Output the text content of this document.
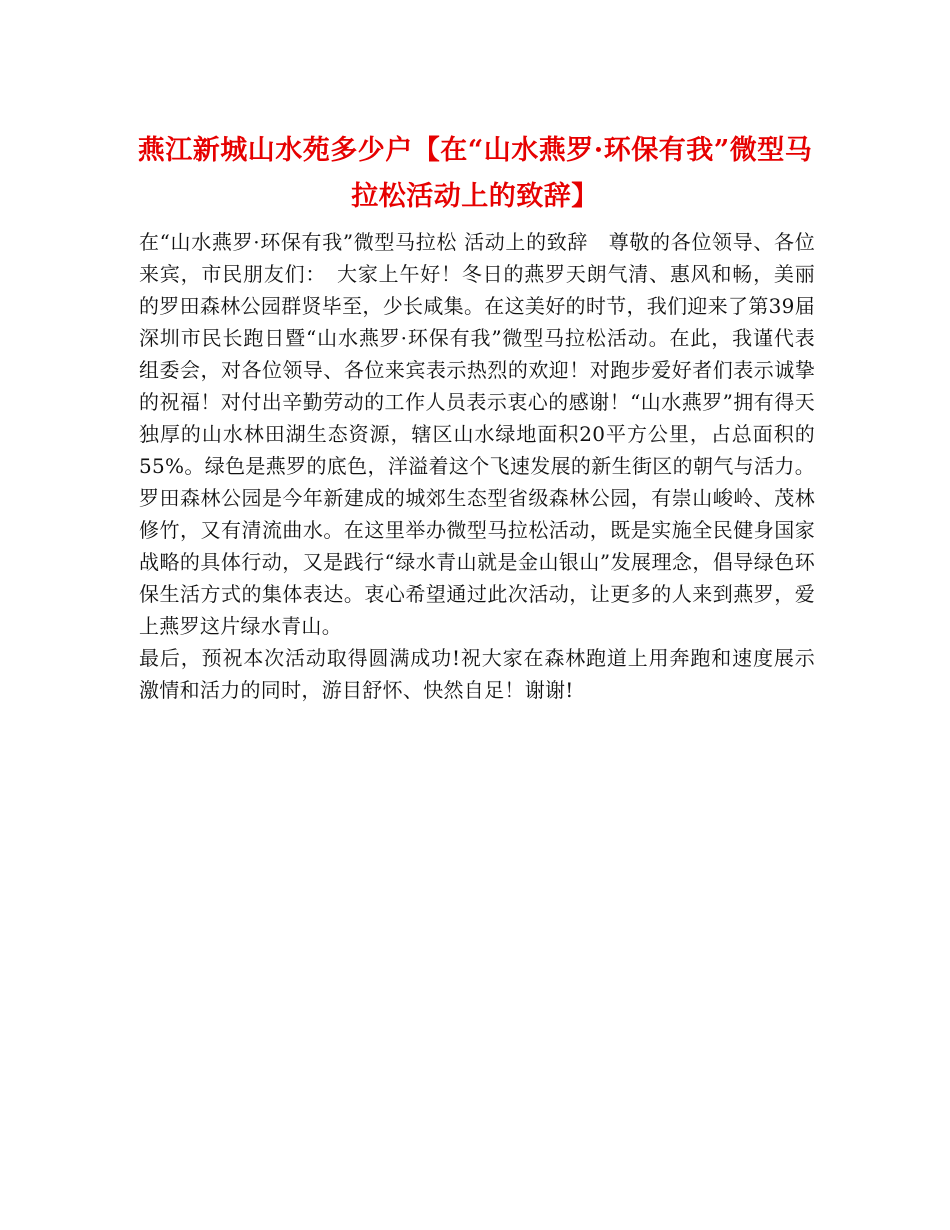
燕江新城山水苑多少户【在“山水燕罗·环保有我”微型马拉松活动上的致辞】

在“山水燕罗·环保有我”微型马拉松 活动上的致辞　尊敬的各位领导、各位来宾，市民朋友们：　大家上午好！冬日的燕罗天朗气清、惠风和畅，美丽的罗田森林公园群贤毕至，少长咸集。在这美好的时节，我们迎来了第39届深圳市民长跑日暨“山水燕罗·环保有我”微型马拉松活动。在此，我谨代表组委会，对各位领导、各位来宾表示热烈的欢迎！对跑步爱好者们表示诚挚的祝福！对付出辛勤劳动的工作人员表示衷心的感谢！“山水燕罗”拥有得天独厚的山水林田湖生态资源，辖区山水绿地面积20平方公里，占总面积的55%。绿色是燕罗的底色，洋溢着这个飞速发展的新生街区的朝气与活力。罗田森林公园是今年新建成的城郊生态型省级森林公园，有崇山峻岭、茂林修竹，又有清流曲水。在这里举办微型马拉松活动，既是实施全民健身国家战略的具体行动，又是践行“绿水青山就是金山银山”发展理念，倡导绿色环保生活方式的集体表达。衷心希望通过此次活动，让更多的人来到燕罗，爱上燕罗这片绿水青山。

最后，预祝本次活动取得圆满成功!祝大家在森林跑道上用奔跑和速度展示激情和活力的同时，游目舒怀、快然自足！谢谢!
